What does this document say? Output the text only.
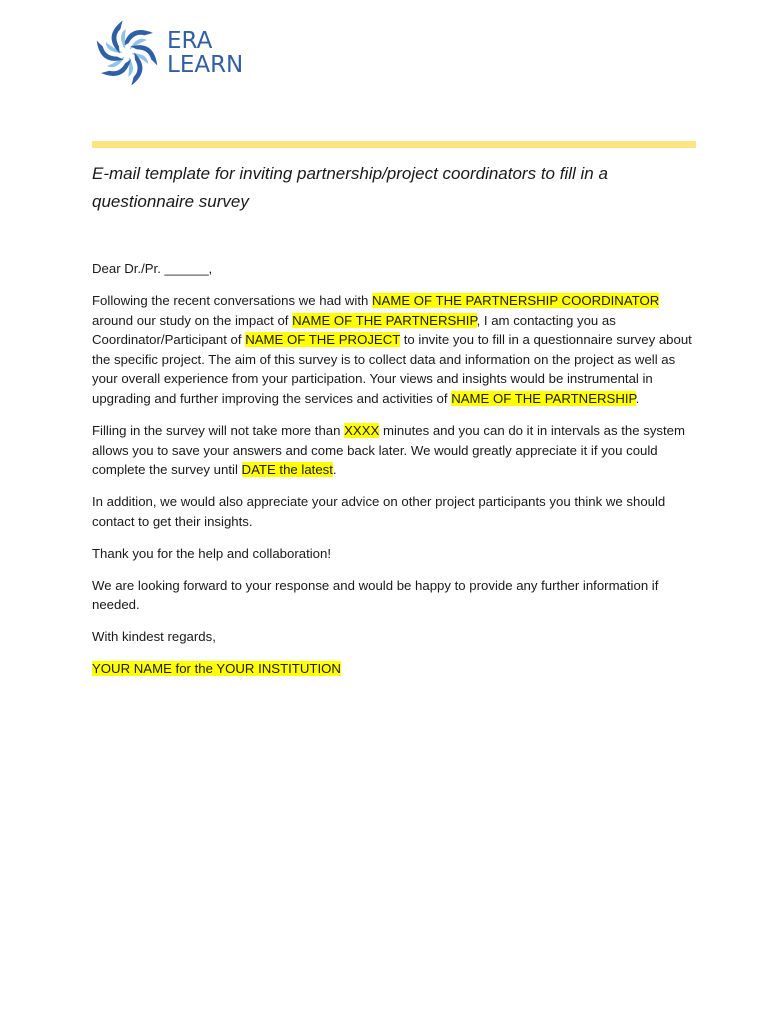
ERA
LEARN
E-mail template for inviting partnership/project coordinators to fill in a questionnaire survey

Dear Dr./Pr. ______,

Following the recent conversations we had with NAME OF THE PARTNERSHIP COORDINATOR around our study on the impact of NAME OF THE PARTNERSHIP, I am contacting you as Coordinator/Participant of NAME OF THE PROJECT to invite you to fill in a questionnaire survey about the specific project. The aim of this survey is to collect data and information on the project as well as your overall experience from your participation. Your views and insights would be instrumental in upgrading and further improving the services and activities of NAME OF THE PARTNERSHIP.

Filling in the survey will not take more than XXXX minutes and you can do it in intervals as the system allows you to save your answers and come back later. We would greatly appreciate it if you could complete the survey until DATE the latest.

In addition, we would also appreciate your advice on other project participants you think we should contact to get their insights.

Thank you for the help and collaboration!

We are looking forward to your response and would be happy to provide any further information if needed.

With kindest regards,

YOUR NAME for the YOUR INSTITUTION
